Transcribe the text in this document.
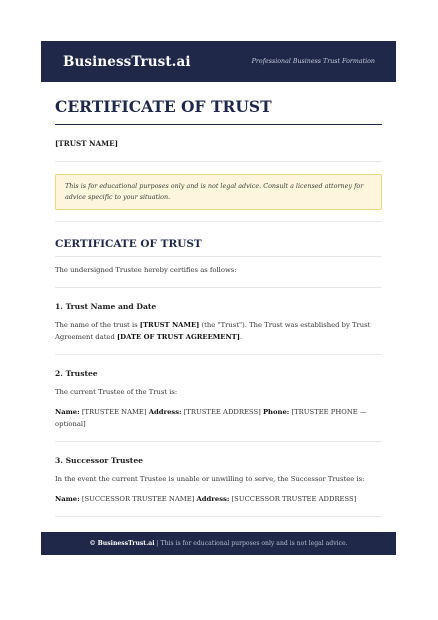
BusinessTrust.ai	Professional Business Trust Formation
CERTIFICATE OF TRUST
[TRUST NAME]
This is for educational purposes only and is not legal advice. Consult a licensed attorney for advice specific to your situation.
CERTIFICATE OF TRUST
The undersigned Trustee hereby certifies as follows:
1. Trust Name and Date
The name of the trust is [TRUST NAME] (the "Trust"). The Trust was established by Trust Agreement dated [DATE OF TRUST AGREEMENT].
2. Trustee
The current Trustee of the Trust is:
Name: [TRUSTEE NAME] Address: [TRUSTEE ADDRESS] Phone: [TRUSTEE PHONE — optional]
3. Successor Trustee
In the event the current Trustee is unable or unwilling to serve, the Successor Trustee is:
Name: [SUCCESSOR TRUSTEE NAME] Address: [SUCCESSOR TRUSTEE ADDRESS]
© BusinessTrust.ai | This is for educational purposes only and is not legal advice.
